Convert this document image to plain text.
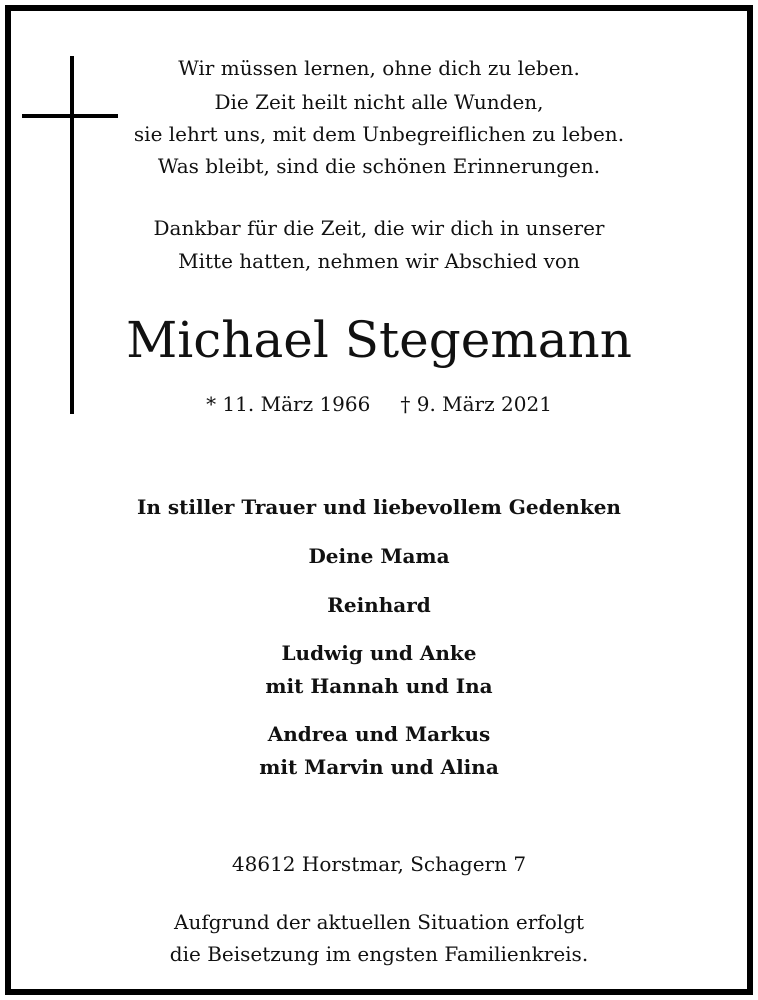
Wir müssen lernen, ohne dich zu leben.
Die Zeit heilt nicht alle Wunden,
sie lehrt uns, mit dem Unbegreiflichen zu leben.
Was bleibt, sind die schönen Erinnerungen.
Dankbar für die Zeit, die wir dich in unserer
Mitte hatten, nehmen wir Abschied von
Michael Stegemann
* 11. März 1966 † 9. März 2021
In stiller Trauer und liebevollem Gedenken
Deine Mama
Reinhard
Ludwig und Anke
mit Hannah und Ina
Andrea und Markus
mit Marvin und Alina
48612 Horstmar, Schagern 7
Aufgrund der aktuellen Situation erfolgt
die Beisetzung im engsten Familienkreis.
